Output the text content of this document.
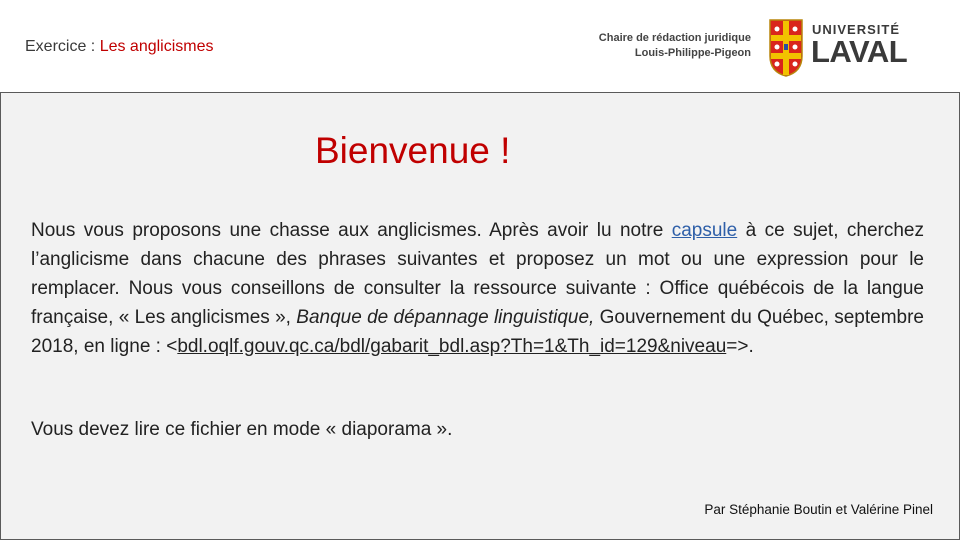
Exercice : Les anglicismes	Chaire de rédaction juridique
Louis-Philippe-Pigeon
UNIVERSITÉ
LAVAL
Bienvenue !
Nous vous proposons une chasse aux anglicismes. Après avoir lu notre capsule à ce sujet, cherchez l’anglicisme dans chacune des phrases suivantes et proposez un mot ou une expression pour le remplacer. Nous vous conseillons de consulter la ressource suivante : Office québécois de la langue française, « Les anglicismes », Banque de dépannage linguistique, Gouvernement du Québec, septembre 2018, en ligne : <bdl.oqlf.gouv.qc.ca/bdl/gabarit_bdl.asp?Th=1&Th_id=129&niveau=>.
Vous devez lire ce fichier en mode « diaporama ».
Par Stéphanie Boutin et Valérine Pinel
